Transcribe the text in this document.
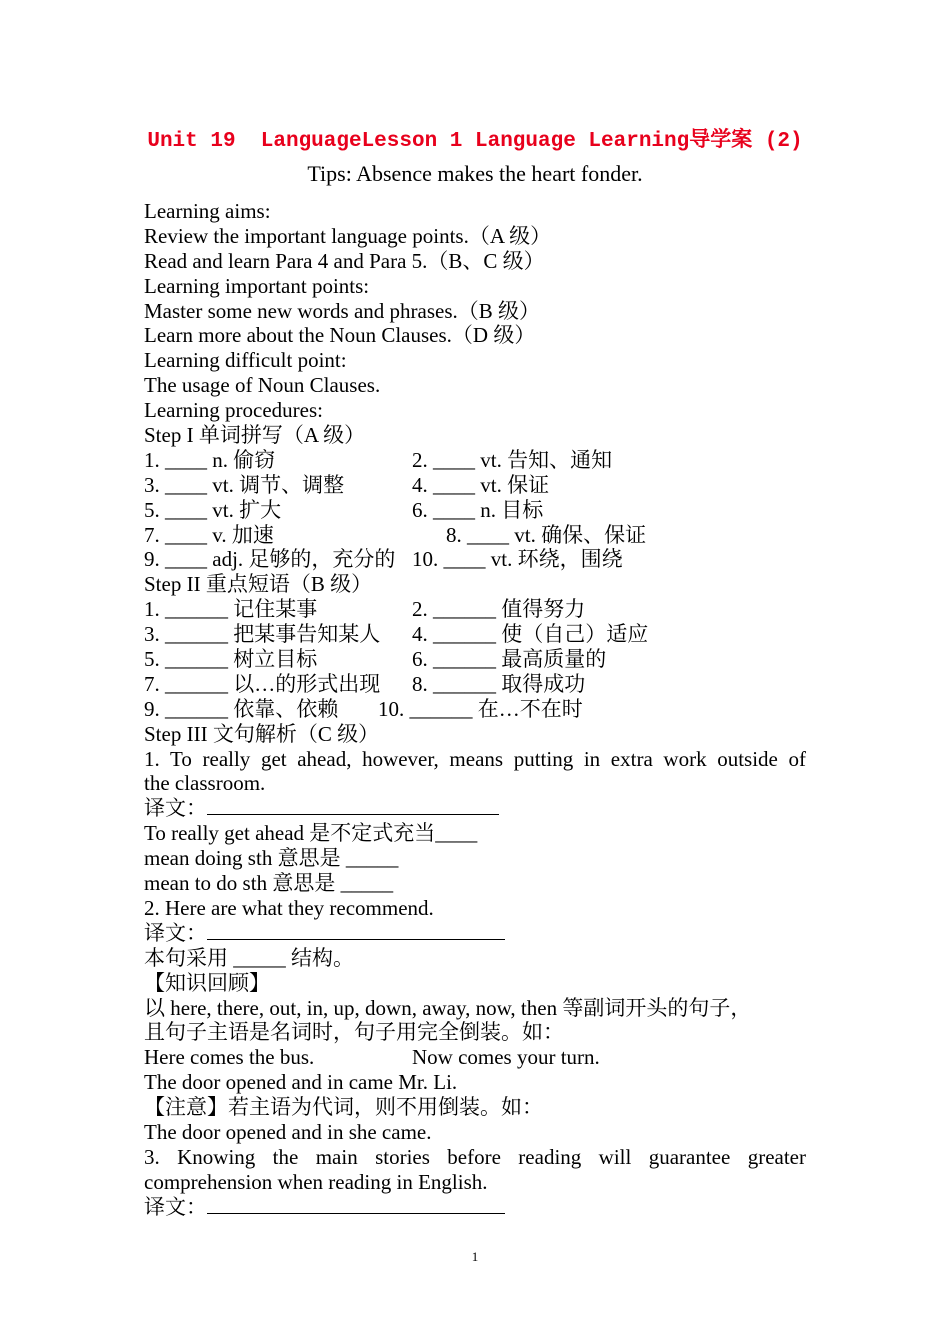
Unit 19  LanguageLesson 1 Language Learning导学案 (2)
Tips: Absence makes the heart fonder.
Learning aims:
Review the important language points.（A 级）
Read and learn Para 4 and Para 5.（B、C 级）
Learning important points:
Master some new words and phrases.（B 级）
Learn more about the Noun Clauses.（D 级）
Learning difficult point:
The usage of Noun Clauses.
Learning procedures:
Step I 单词拼写（A 级）
1. ____ n. 偷窃	2. ____ vt. 告知、通知
3. ____ vt. 调节、调整	4. ____ vt. 保证
5. ____ vt. 扩大	6. ____ n. 目标
7. ____ v. 加速	8. ____ vt. 确保、保证
9. ____ adj. 足够的，充分的 10. ____ vt. 环绕，围绕
Step II 重点短语（B 级）
1. ______ 记住某事	2. ______ 值得努力
3. ______ 把某事告知某人 4. ______ 使（自己）适应
5. ______ 树立目标	6. ______ 最高质量的
7. ______ 以…的形式出现 8. ______ 取得成功
9. ______ 依靠、依赖 10. ______ 在…不在时
Step III 文句解析（C 级）
1. To really get ahead, however, means putting in extra work outside of
the classroom.
译文：
To really get ahead 是不定式充当____
mean doing sth 意思是 _____
mean to do sth 意思是 _____
2. Here are what they recommend.
译文：
本句采用 _____ 结构。
【知识回顾】
以 here, there, out, in, up, down, away, now, then 等副词开头的句子，
且句子主语是名词时，句子用完全倒装。如：
Here comes the bus.	Now comes your turn.
The door opened and in came Mr. Li.
【注意】若主语为代词，则不用倒装。如：
The door opened and in she came.
3. Knowing the main stories before reading will guarantee greater
comprehension when reading in English.
译文：
1
